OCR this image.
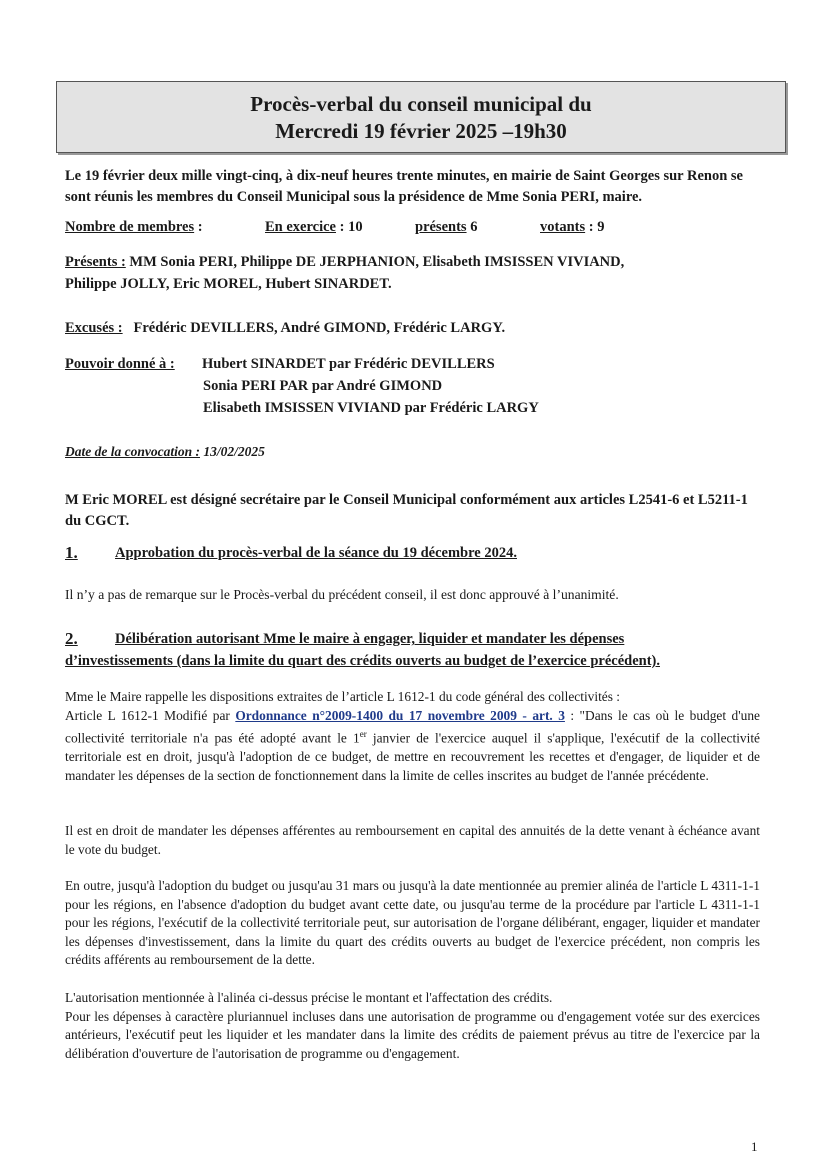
Procès-verbal du conseil municipal du
Mercredi 19 février 2025 –19h30
Le 19 février deux mille vingt-cinq, à dix-neuf heures trente minutes, en mairie de Saint Georges sur Renon se sont réunis les membres du Conseil Municipal sous la présidence de Mme Sonia PERI, maire.
Nombre de membres :	En exercice : 10	présents 6	votants : 9
Présents : MM Sonia PERI, Philippe DE JERPHANION, Elisabeth IMSISSEN VIVIAND,
Philippe JOLLY, Eric MOREL, Hubert SINARDET.
Excusés : Frédéric DEVILLERS, André GIMOND, Frédéric LARGY.
Pouvoir donné à : Hubert SINARDET par Frédéric DEVILLERS
Sonia PERI PAR par André GIMOND
Elisabeth IMSISSEN VIVIAND par Frédéric LARGY
Date de la convocation : 13/02/2025
M Eric MOREL est désigné secrétaire par le Conseil Municipal conformément aux articles L2541-6 et L5211-1 du CGCT.
1.	Approbation du procès-verbal de la séance du 19 décembre 2024.
Il n’y a pas de remarque sur le Procès-verbal du précédent conseil, il est donc approuvé à l’unanimité.
2.	Délibération autorisant Mme le maire à engager, liquider et mandater les dépenses
d’investissements (dans la limite du quart des crédits ouverts au budget de l’exercice précédent).
Mme le Maire rappelle les dispositions extraites de l’article L 1612-1 du code général des collectivités :
Article L 1612-1 Modifié par Ordonnance n°2009-1400 du 17 novembre 2009 - art. 3 : "Dans le cas où le budget d'une collectivité territoriale n'a pas été adopté avant le 1er janvier de l'exercice auquel il s'applique, l'exécutif de la collectivité territoriale est en droit, jusqu'à l'adoption de ce budget, de mettre en recouvrement les recettes et d'engager, de liquider et de mandater les dépenses de la section de fonctionnement dans la limite de celles inscrites au budget de l'année précédente.
Il est en droit de mandater les dépenses afférentes au remboursement en capital des annuités de la dette venant à échéance avant le vote du budget.
En outre, jusqu'à l'adoption du budget ou jusqu'au 31 mars ou jusqu'à la date mentionnée au premier alinéa de l'article L 4311-1-1 pour les régions, en l'absence d'adoption du budget avant cette date, ou jusqu'au terme de la procédure par l'article L 4311-1-1 pour les régions, l'exécutif de la collectivité territoriale peut, sur autorisation de l'organe délibérant, engager, liquider et mandater les dépenses d'investissement, dans la limite du quart des crédits ouverts au budget de l'exercice précédent, non compris les crédits afférents au remboursement de la dette.
L'autorisation mentionnée à l'alinéa ci-dessus précise le montant et l'affectation des crédits.
Pour les dépenses à caractère pluriannuel incluses dans une autorisation de programme ou d'engagement votée sur des exercices antérieurs, l'exécutif peut les liquider et les mandater dans la limite des crédits de paiement prévus au titre de l'exercice par la délibération d'ouverture de l'autorisation de programme ou d'engagement.
1
